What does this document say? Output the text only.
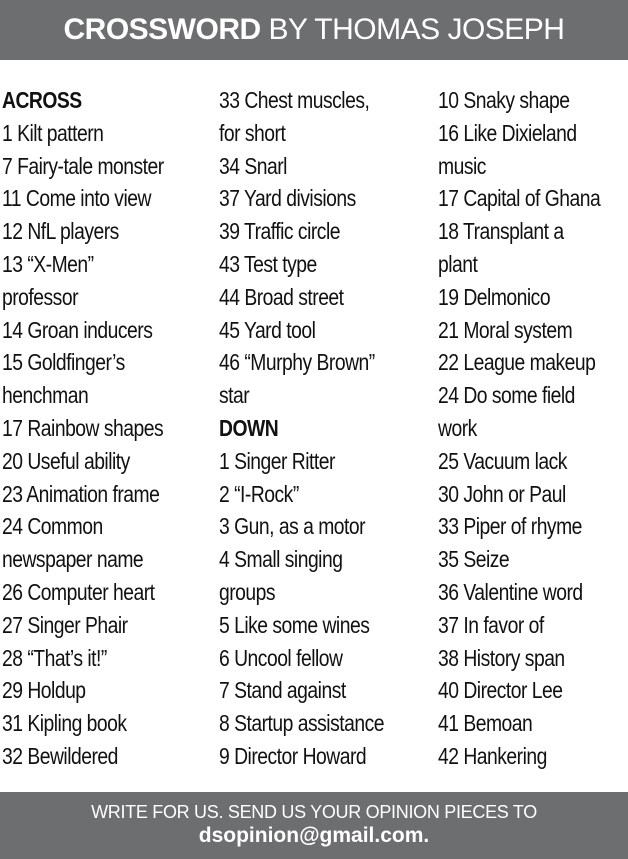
CROSSWORD BY THOMAS JOSEPH
ACROSS
1 Kilt pattern
7 Fairy-tale monster
11 Come into view
12 NfL players
13 “X-Men”
professor
14 Groan inducers
15 Goldfinger’s
henchman
17 Rainbow shapes
20 Useful ability
23 Animation frame
24 Common
newspaper name
26 Computer heart
27 Singer Phair
28 “That’s it!”
29 Holdup
31 Kipling book
32 Bewildered
33 Chest muscles,
for short
34 Snarl
37 Yard divisions
39 Traffic circle
43 Test type
44 Broad street
45 Yard tool
46 “Murphy Brown”
star
DOWN
1 Singer Ritter
2 “I-Rock”
3 Gun, as a motor
4 Small singing
groups
5 Like some wines
6 Uncool fellow
7 Stand against
8 Startup assistance
9 Director Howard
10 Snaky shape
16 Like Dixieland
music
17 Capital of Ghana
18 Transplant a
plant
19 Delmonico
21 Moral system
22 League makeup
24 Do some field
work
25 Vacuum lack
30 John or Paul
33 Piper of rhyme
35 Seize
36 Valentine word
37 In favor of
38 History span
40 Director Lee
41 Bemoan
42 Hankering
WRITE FOR US. SEND US YOUR OPINION PIECES TO
dsopinion@gmail.com.
